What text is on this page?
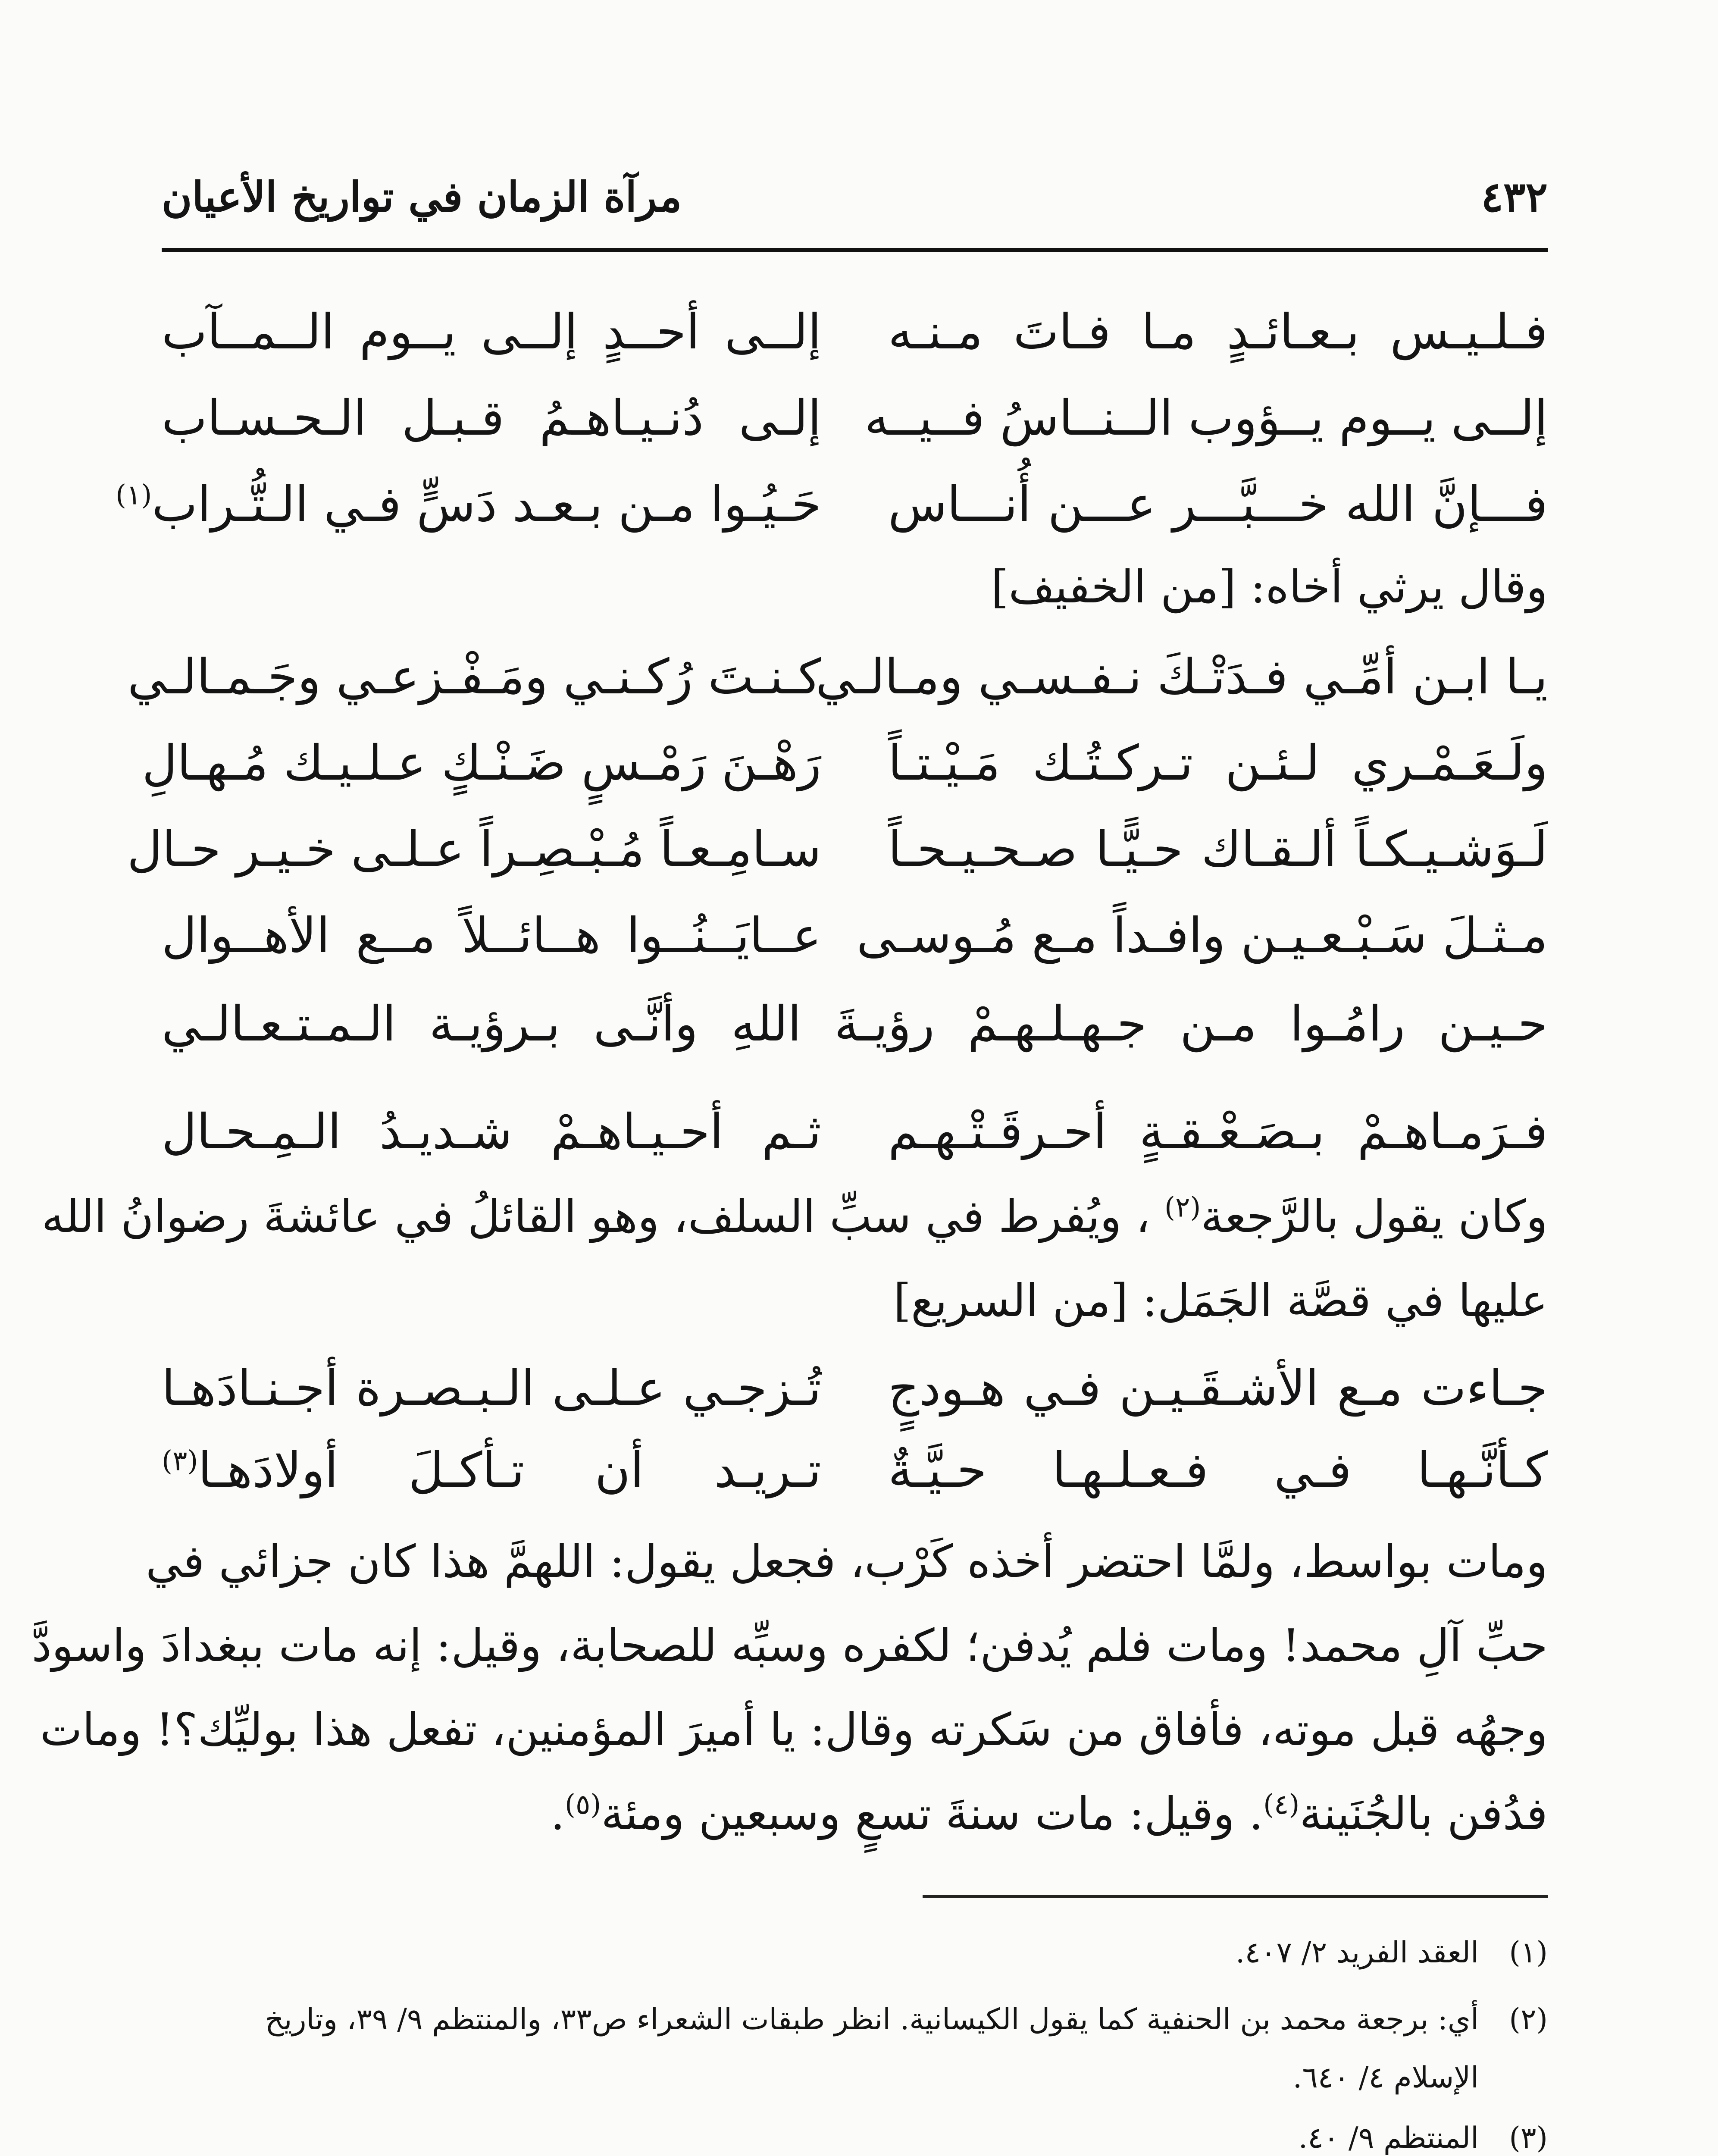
٤٣٢
مرآة الزمان في تواريخ الأعيان
فـلـيـس بـعـائـدٍ مـا فـاتَ مـنـه
إلــى أحــدٍ إلــى يــوم الــمــآب
إلــى يــوم يــؤوب الــنــاسُ فــيــه
إلـى دُنـيـاهـمُ قـبـل الـحـسـاب
فـــإنَّ الله خـــبَّـــر عـــن أُنـــاس
حَـيُـوا مـن بـعـد دَسٍّ فـي الـتُّـراب$^{(١)}$
وقال يرثي أخاه: [من الخفيف]
يـا ابـن أمِّـي فـدَتْـكَ نـفـسـي ومـالـي
كـنـتَ رُكـنـي ومَـفْـزعـي وجَـمـالـي
ولَـعَـمْـري لـئـن تـركـتُـك مَـيْـتـاً
رَهْـنَ رَمْـسٍ ضَـنْـكٍ عـلـيـك مُـهـالِ
لَـوَشـيـكـاً ألـقـاك حـيًّـا صـحـيـحـاً
سـامِـعـاً مُـبْـصِـراً عـلـى خـيـر حـال
مـثـلَ سَـبْـعـيـن وافـداً مـع مُـوسـى
عــايَــنُــوا هــائــلاً مــع الأهــوال
حـيـن رامُـوا مـن جـهـلـهـمْ رؤيـةَ اللهِ وأنَّـى بـرؤيـة الـمـتـعـالـي
فـرَمـاهـمْ بـصَـعْـقـةٍ أحـرقَـتْـهـم
ثـم أحـيـاهـمْ شـديـدُ الـمِـحـال
وكان يقول بالرَّجعة$^{(٢)}$ ، ويُفرط في سبِّ السلف، وهو القائلُ في عائشةَ رضوانُ الله
عليها في قصَّة الجَمَل: [من السريع]
جـاءت مـع الأشـقَـيـن فـي هـودجٍ
تُـزجـي عـلـى الـبـصـرة أجـنـادَهـا
كـأنَّـهـا فـي فـعـلـهـا حـيَّـةٌ
تـريـد أن تـأكـلَ أولادَهـا$^{(٣)}$
ومات بواسط، ولمَّا احتضر أخذه كَرْب، فجعل يقول: اللهمَّ هذا كان جزائي في
حبِّ آلِ محمد! ومات فلم يُدفن؛ لكفره وسبِّه للصحابة، وقيل: إنه مات ببغدادَ واسودَّ
وجهُه قبل موته، فأفاق من سَكرته وقال: يا أميرَ المؤمنين، تفعل هذا بوليِّك؟! ومات
فدُفن بالجُنَينة$^{(٤)}$. وقيل: مات سنةَ تسعٍ وسبعين ومئة$^{(٥)}$.
(١)العقد الفريد ٢/ ٤٠٧.
(٢)أي: برجعة محمد بن الحنفية كما يقول الكيسانية. انظر طبقات الشعراء ص٣٣، والمنتظم ٩/ ٣٩، وتاريخ
الإسلام ٤/ ٦٤٠.
(٣)المنتظم ٩/ ٤٠.
